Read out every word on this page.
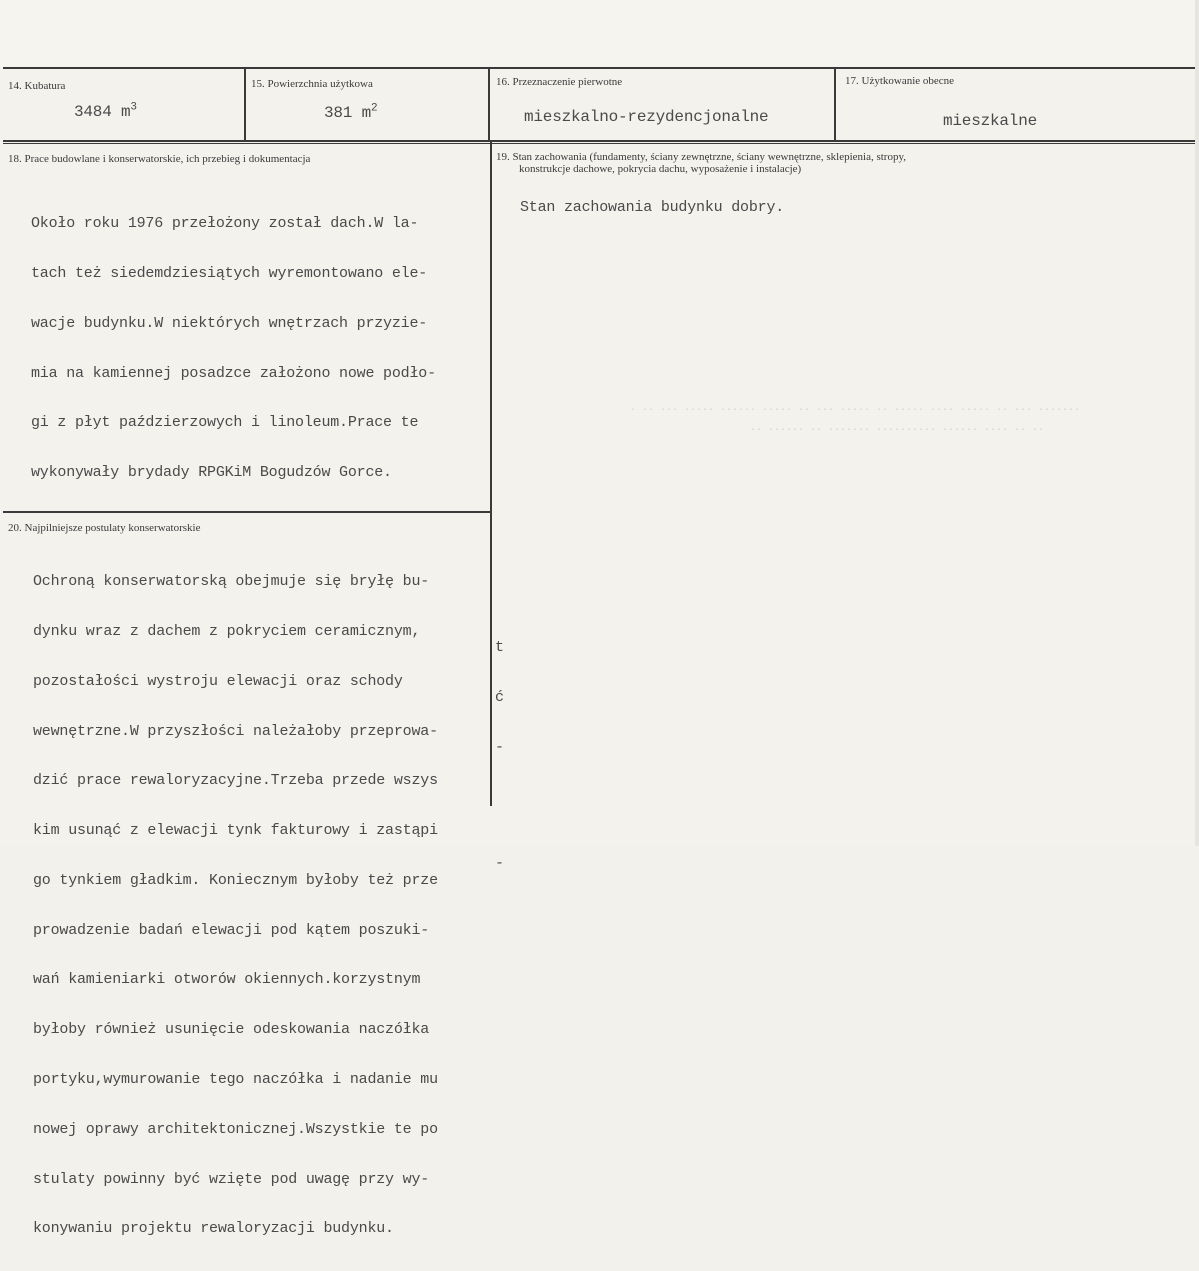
· ·· ··· ····· ······ ····· ·· ··· ····· ·· ····· ···· ····· ·· ··· ·······
·· ······ ·· ······· ·········· ······ ···· ·· ··
14. Kubatura
3484 $m^3$
15. Powierzchnia użytkowa
381 $m^2$
16. Przeznaczenie pierwotne
mieszkalno-rezydencjonalne
17. Użytkowanie obecne
mieszkalne
18. Prace budowlane i konserwatorskie, ich przebieg i dokumentacja

Około roku 1976 przełożony został dach.W la-

tach też siedemdziesiątych wyremontowano ele-

wacje budynku.W niektórych wnętrzach przyzie-

mia na kamiennej posadzce założono nowe podło-

gi z płyt paździerzowych i linoleum.Prace te

wykonywały brydady RPGKiM Bogudzów Gorce.

19. Stan zachowania (fundamenty, ściany zewnętrzne, ściany wewnętrzne, sklepienia, stropy,
konstrukcje dachowe, pokrycia dachu, wyposażenie i instalacje)
Stan zachowania budynku dobry.
20. Najpilniejsze postulaty konserwatorskie

Ochroną konserwatorską obejmuje się bryłę bu-

dynku wraz z dachem z pokryciem ceramicznym,

pozostałości wystroju elewacji oraz schody

wewnętrzne.W przyszłości należałoby przeprowa-

dzić prace rewaloryzacyjne.Trzeba przede wszys

kim usunąć z elewacji tynk fakturowy i zastąpi

go tynkiem gładkim. Koniecznym byłoby też prze

prowadzenie badań elewacji pod kątem poszuki-

wań kamieniarki otworów okiennych.korzystnym

byłoby również usunięcie odeskowania naczółka

portyku,wymurowanie tego naczółka i nadanie mu

nowej oprawy architektonicznej.Wszystkie te po

stulaty powinny być wzięte pod uwagę przy wy-

konywaniu projektu rewaloryzacji budynku.

t

ć

-

-
